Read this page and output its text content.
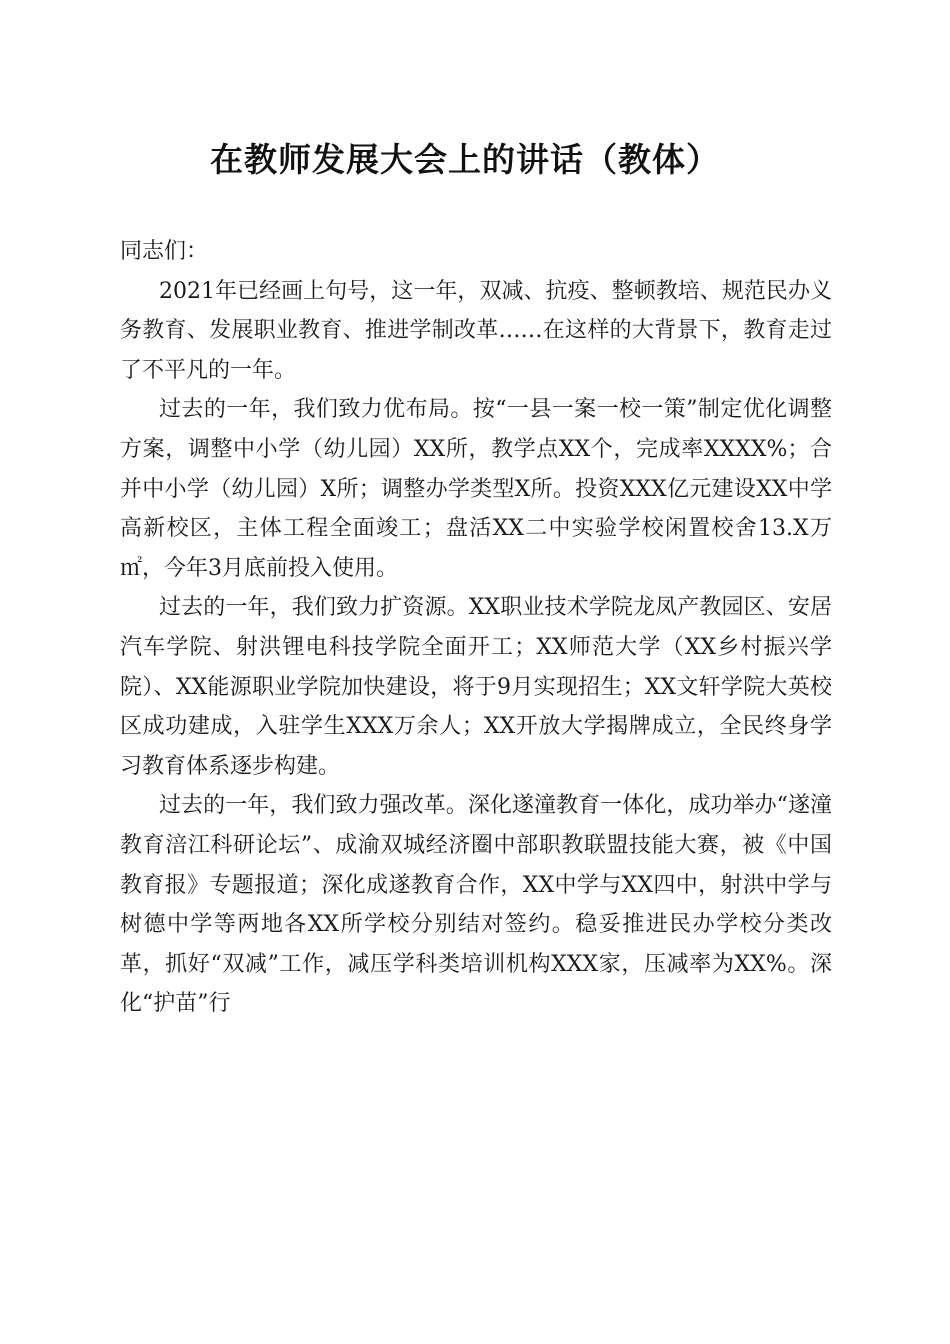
在教师发展大会上的讲话（教体）

同志们：

2021年已经画上句号，这一年，双减、抗疫、整顿教培、规范民办义务教育、发展职业教育、推进学制改革……在这样的大背景下，教育走过了不平凡的一年。

过去的一年，我们致力优布局。按“一县一案一校一策”制定优化调整方案，调整中小学（幼儿园）XX所，教学点XX个，完成率XXXX%；合并中小学（幼儿园）X所；调整办学类型X所。投资XXX亿元建设XX中学高新校区，主体工程全面竣工；盘活XX二中实验学校闲置校舍13.X万㎡，今年3月底前投入使用。

过去的一年，我们致力扩资源。XX职业技术学院龙凤产教园区、安居汽车学院、射洪锂电科技学院全面开工；XX师范大学（XX乡村振兴学院）、XX能源职业学院加快建设，将于9月实现招生；XX文轩学院大英校区成功建成，入驻学生XXX万余人；XX开放大学揭牌成立，全民终身学习教育体系逐步构建。

过去的一年，我们致力强改革。深化遂潼教育一体化，成功举办“遂潼教育涪江科研论坛”、成渝双城经济圈中部职教联盟技能大赛，被《中国教育报》专题报道；深化成遂教育合作，XX中学与XX四中，射洪中学与树德中学等两地各XX所学校分别结对签约。稳妥推进民办学校分类改革，抓好“双减”工作，减压学科类培训机构XXX家，压减率为XX%。深化“护苗”行
